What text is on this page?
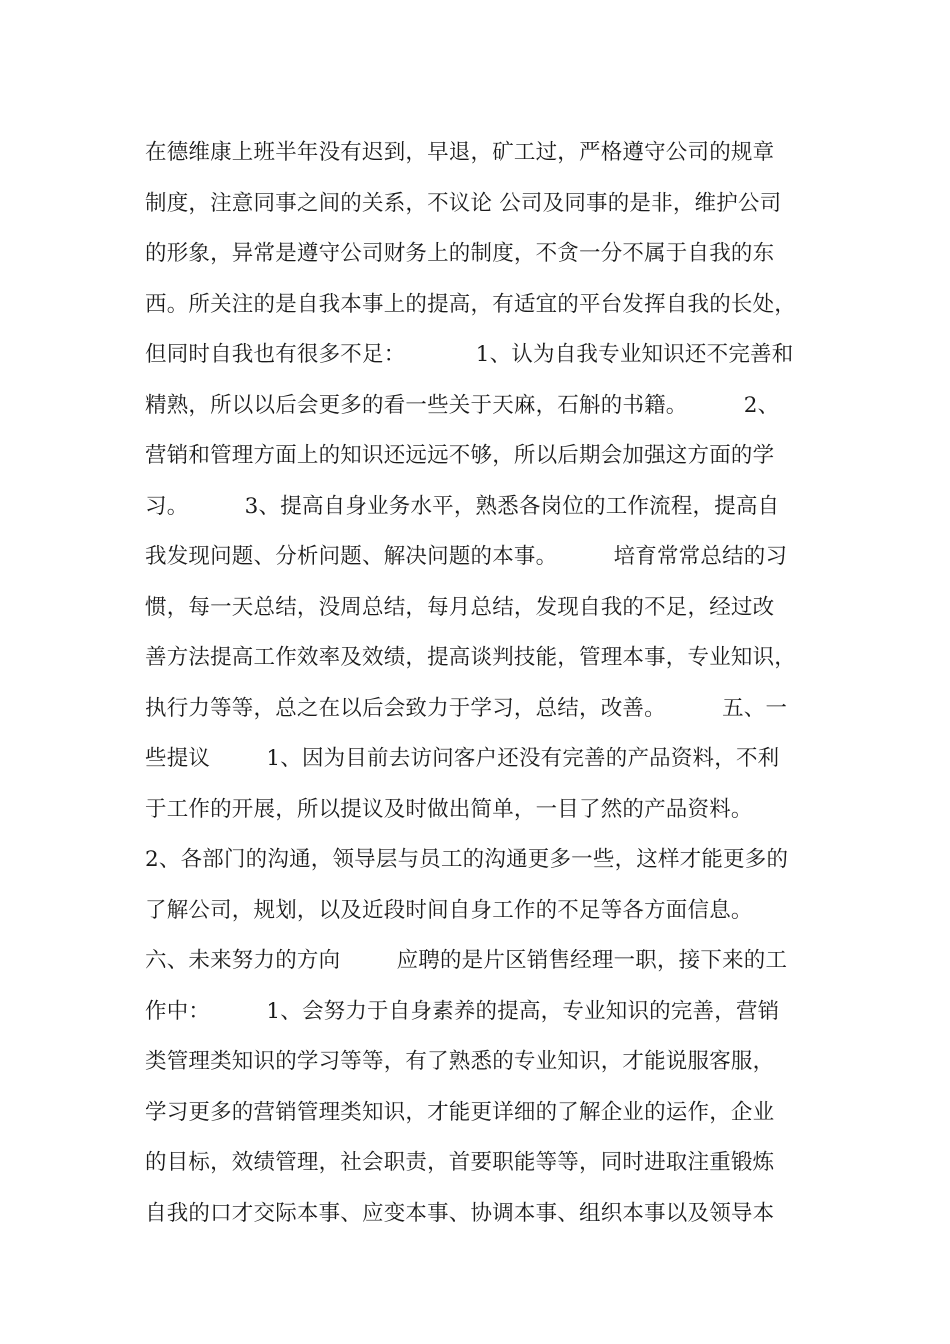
在德维康上班半年没有迟到，早退，矿工过，严格遵守公司的规章
制度，注意同事之间的关系，不议论 公司及同事的是非，维护公司
的形象，异常是遵守公司财务上的制度，不贪一分不属于自我的东
西。所关注的是自我本事上的提高，有适宜的平台发挥自我的长处，
但同时自我也有很多不足：          1、认为自我专业知识还不完善和
精熟，所以以后会更多的看一些关于天麻，石斛的书籍。        2、
营销和管理方面上的知识还远远不够，所以后期会加强这方面的学
习。        3、提高自身业务水平，熟悉各岗位的工作流程，提高自
我发现问题、分析问题、解决问题的本事。        培育常常总结的习
惯，每一天总结，没周总结，每月总结，发现自我的不足，经过改
善方法提高工作效率及效绩，提高谈判技能，管理本事，专业知识，
执行力等等，总之在以后会致力于学习，总结，改善。        五、一
些提议        1、因为目前去访问客户还没有完善的产品资料，不利
于工作的开展，所以提议及时做出简单，一目了然的产品资料。
2、各部门的沟通，领导层与员工的沟通更多一些，这样才能更多的
了解公司，规划，以及近段时间自身工作的不足等各方面信息。
六、未来努力的方向        应聘的是片区销售经理一职，接下来的工
作中：        1、会努力于自身素养的提高，专业知识的完善，营销
类管理类知识的学习等等，有了熟悉的专业知识，才能说服客服，
学习更多的营销管理类知识，才能更详细的了解企业的运作，企业
的目标，效绩管理，社会职责，首要职能等等，同时进取注重锻炼
自我的口才交际本事、应变本事、协调本事、组织本事以及领导本
